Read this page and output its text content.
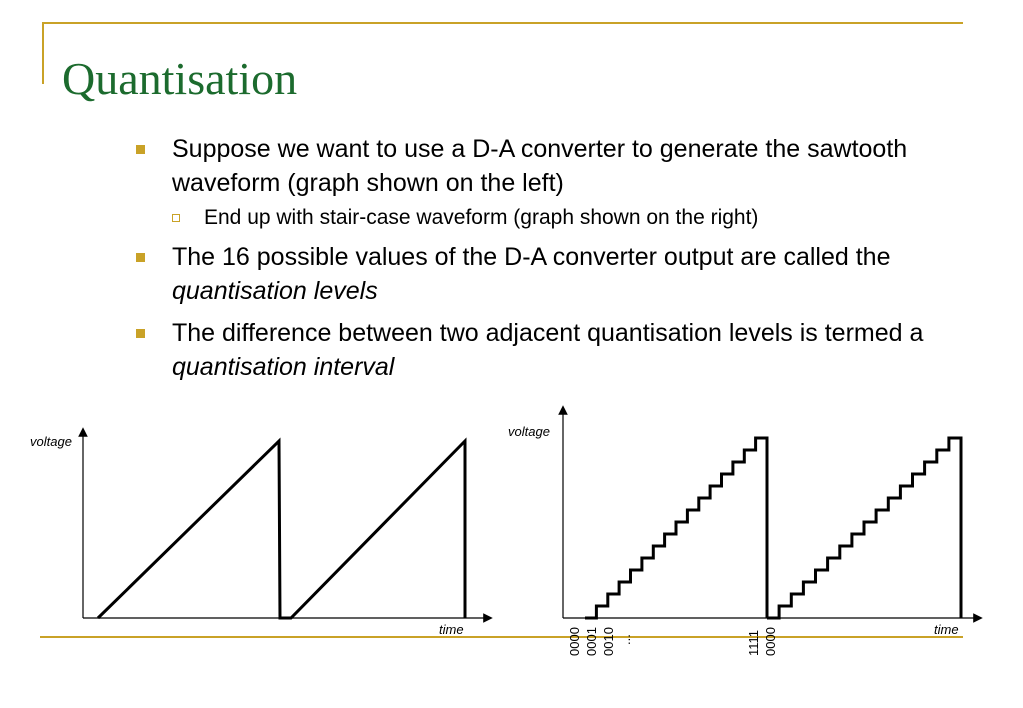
Quantisation
Suppose we want to use a D-A converter to generate the sawtooth waveform (graph shown on the left)
End up with stair-case waveform (graph shown on the right)
The 16 possible values of the D-A converter output are called the quantisation levels
The difference between two adjacent quantisation levels is termed a quantisation interval
voltage
time
voltage
time
0000 0001 0010 ...	1111 0000
